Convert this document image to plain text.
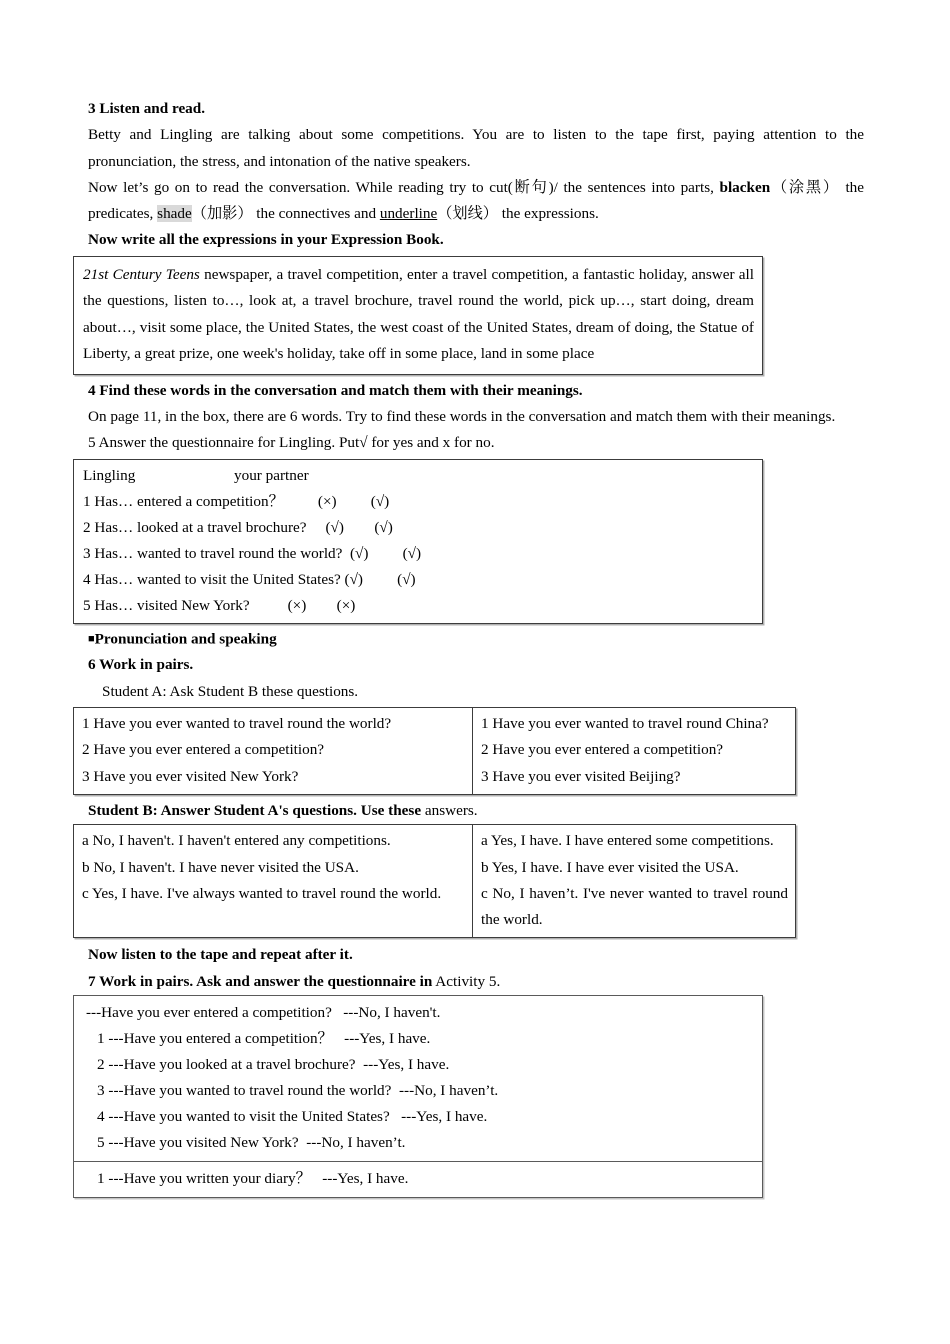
3 Listen and read.
Betty and Lingling are talking about some competitions. You are to listen to the tape first, paying attention to the pronunciation, the stress, and intonation of the native speakers.
Now let’s go on to read the conversation. While reading try to cut(断句)/ the sentences into parts, blacken（涂黑） the predicates, shade（加影） the connectives and underline（划线） the expressions.
Now write all the expressions in your Expression Book.
21st Century Teens newspaper, a travel competition, enter a travel competition, a fantastic holiday, answer all the questions, listen to…, look at, a travel brochure, travel round the world, pick up…, start doing, dream about…, visit some place, the United States, the west coast of the United States, dream of doing, the Statue of Liberty, a great prize, one week's holiday, take off in some place, land in some place
4 Find these words in the conversation and match them with their meanings.
On page 11, in the box, there are 6 words. Try to find these words in the conversation and match them with their meanings.
5 Answer the questionnaire for Lingling. Put√ for yes and x for no.
Lingling                          your partner
1 Has… entered a competition？         (×)         (√)
2 Has… looked at a travel brochure?     (√)        (√)
3 Has… wanted to travel round the world?  (√)         (√)
4 Has… wanted to visit the United States? (√)         (√)
5 Has… visited New York?          (×)        (×)
■Pronunciation and speaking
6 Work in pairs.
Student A: Ask Student B these questions.
1 Have you ever wanted to travel round the world?
2 Have you ever entered a competition?
3 Have you ever visited New York?

1 Have you ever wanted to travel round China?
2 Have you ever entered a competition?
3 Have you ever visited Beijing?
Student B: Answer Student A's questions. Use these answers.
a No, I haven't. I haven't entered any competitions.
b No, I haven't. I have never visited the USA.
c Yes, I have. I've always wanted to travel round the world.

a Yes, I have. I have entered some competitions.
b Yes, I have. I have ever visited the USA.
c No, I haven’t. I've never wanted to travel round the world.
Now listen to the tape and repeat after it.
7 Work in pairs. Ask and answer the questionnaire in Activity 5.
---Have you ever entered a competition?   ---No, I haven't.
1 ---Have you entered a competition？   ---Yes, I have.
2 ---Have you looked at a travel brochure?  ---Yes, I have.
3 ---Have you wanted to travel round the world?  ---No, I haven’t.
4 ---Have you wanted to visit the United States?   ---Yes, I have.
5 ---Have you visited New York?  ---No, I haven’t.

1 ---Have you written your diary？   ---Yes, I have.
